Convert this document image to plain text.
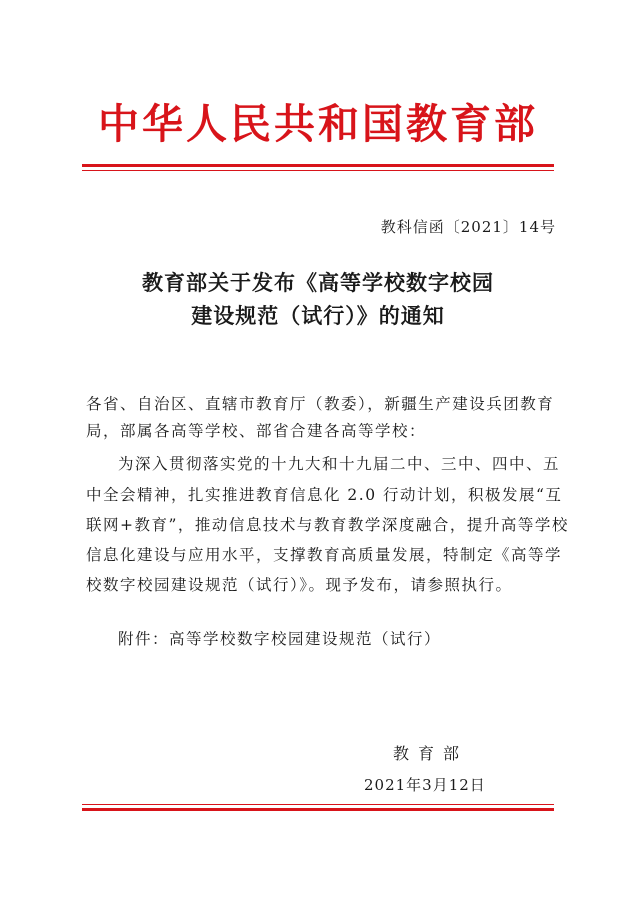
中华人民共和国教育部
教科信函〔2021〕14号
教育部关于发布《高等学校数字校园
建设规范（试行）》的通知
各省、自治区、直辖市教育厅（教委），新疆生产建设兵团教育
局，部属各高等学校、部省合建各高等学校：
为深入贯彻落实党的十九大和十九届二中、三中、四中、五
中全会精神，扎实推进教育信息化 2.0 行动计划，积极发展“互
联网+教育”，推动信息技术与教育教学深度融合，提升高等学校
信息化建设与应用水平，支撑教育高质量发展，特制定《高等学
校数字校园建设规范（试行）》。现予发布，请参照执行。
附件：高等学校数字校园建设规范（试行）
教育部
2021年3月12日
